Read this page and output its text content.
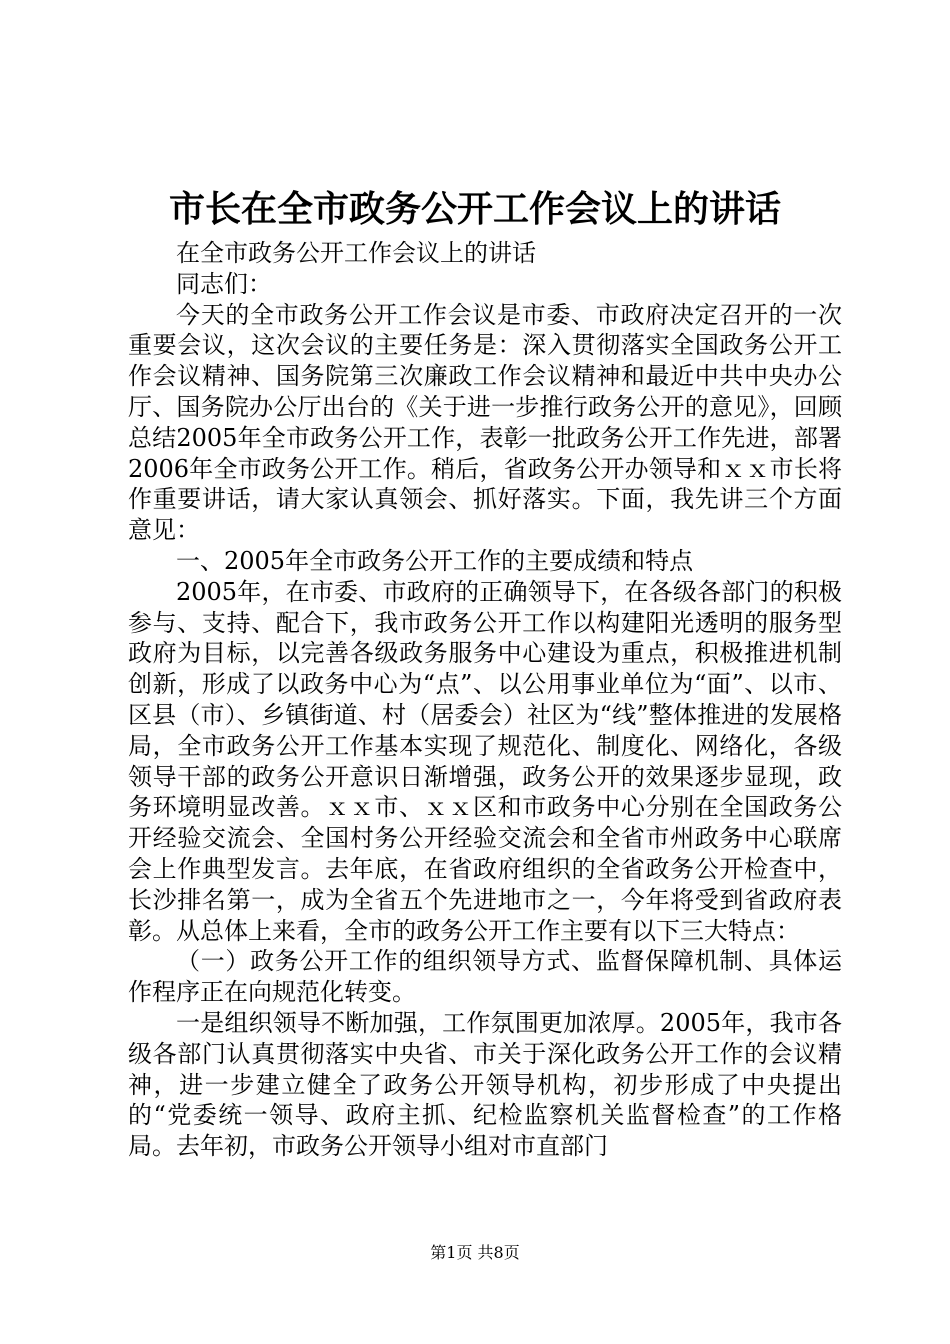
市长在全市政务公开工作会议上的讲话

在全市政务公开工作会议上的讲话

同志们：

今天的全市政务公开工作会议是市委、市政府决定召开的一次重要会议，这次会议的主要任务是：深入贯彻落实全国政务公开工作会议精神、国务院第三次廉政工作会议精神和最近中共中央办公厅、国务院办公厅出台的《关于进一步推行政务公开的意见》，回顾总结2005年全市政务公开工作，表彰一批政务公开工作先进，部署2006年全市政务公开工作。稍后，省政务公开办领导和ｘｘ市长将作重要讲话，请大家认真领会、抓好落实。下面，我先讲三个方面意见：

一、2005年全市政务公开工作的主要成绩和特点

2005年，在市委、市政府的正确领导下，在各级各部门的积极参与、支持、配合下，我市政务公开工作以构建阳光透明的服务型政府为目标，以完善各级政务服务中心建设为重点，积极推进机制创新，形成了以政务中心为“点”、以公用事业单位为“面”、以市、区县（市）、乡镇街道、村（居委会）社区为“线”整体推进的发展格局，全市政务公开工作基本实现了规范化、制度化、网络化，各级领导干部的政务公开意识日渐增强，政务公开的效果逐步显现，政务环境明显改善。ｘｘ市、ｘｘ区和市政务中心分别在全国政务公开经验交流会、全国村务公开经验交流会和全省市州政务中心联席会上作典型发言。去年底，在省政府组织的全省政务公开检查中，长沙排名第一，成为全省五个先进地市之一，今年将受到省政府表彰。从总体上来看，全市的政务公开工作主要有以下三大特点：

（一）政务公开工作的组织领导方式、监督保障机制、具体运作程序正在向规范化转变。

一是组织领导不断加强，工作氛围更加浓厚。2005年，我市各级各部门认真贯彻落实中央省、市关于深化政务公开工作的会议精神，进一步建立健全了政务公开领导机构，初步形成了中央提出的“党委统一领导、政府主抓、纪检监察机关监督检查”的工作格局。去年初，市政务公开领导小组对市直部门

第1页 共8页
